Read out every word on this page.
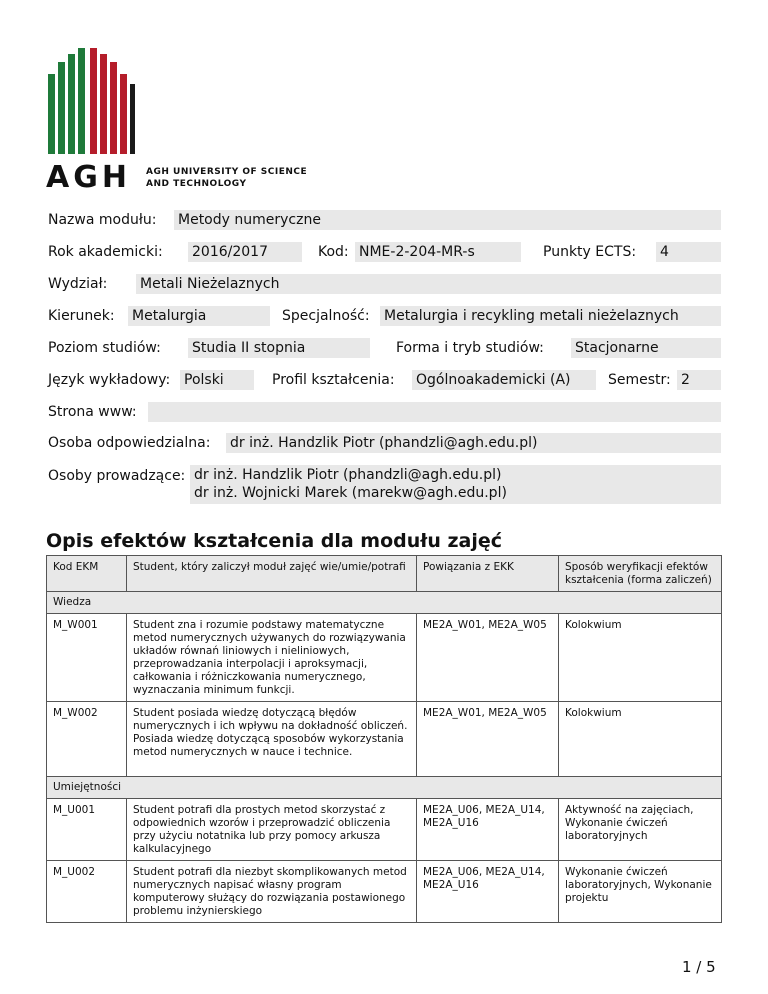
AGH AGH UNIVERSITY OF SCIENCE
AND TECHNOLOGY
Nazwa modułu: Metody numeryczne
Rok akademicki: 2016/2017	Kod: NME-2-204-MR-s	Punkty ECTS: 4
Wydział: Metali Nieżelaznych
Kierunek: Metalurgia	Specjalność: Metalurgia i recykling metali nieżelaznych
Poziom studiów: Studia II stopnia	Forma i tryb studiów: Stacjonarne
Język wykładowy: Polski	Profil kształcenia: Ogólnoakademicki (A)	Semestr: 2
Strona www:
Osoba odpowiedzialna: dr inż. Handzlik Piotr (phandzli@agh.edu.pl)
Osoby prowadzące: dr inż. Handzlik Piotr (phandzli@agh.edu.pl)
dr inż. Wojnicki Marek (marekw@agh.edu.pl)
Opis efektów kształcenia dla modułu zajęć
Kod EKM	Student, który zaliczył moduł zajęć wie/umie/potrafi	Powiązania z EKK	Sposób weryfikacji efektów kształcenia (forma zaliczeń)
Wiedza			
M_W001	Student zna i rozumie podstawy matematyczne metod numerycznych używanych do rozwiązywania układów równań liniowych i nieliniowych, przeprowadzania interpolacji i aproksymacji, całkowania i różniczkowania numerycznego, wyznaczania minimum funkcji.	ME2A_W01, ME2A_W05	Kolokwium
M_W002	Student posiada wiedzę dotyczącą błędów numerycznych i ich wpływu na dokładność obliczeń. Posiada wiedzę dotyczącą sposobów wykorzystania metod numerycznych w nauce i technice.	ME2A_W01, ME2A_W05	Kolokwium
Umiejętności			
M_U001	Student potrafi dla prostych metod skorzystać z odpowiednich wzorów i przeprowadzić obliczenia przy użyciu notatnika lub przy pomocy arkusza kalkulacyjnego	ME2A_U06, ME2A_U14, ME2A_U16	Aktywność na zajęciach, Wykonanie ćwiczeń laboratoryjnych
M_U002	Student potrafi dla niezbyt skomplikowanych metod numerycznych napisać własny program komputerowy służący do rozwiązania postawionego problemu inżynierskiego	ME2A_U06, ME2A_U14, ME2A_U16	Wykonanie ćwiczeń laboratoryjnych, Wykonanie projektu
1 / 5
